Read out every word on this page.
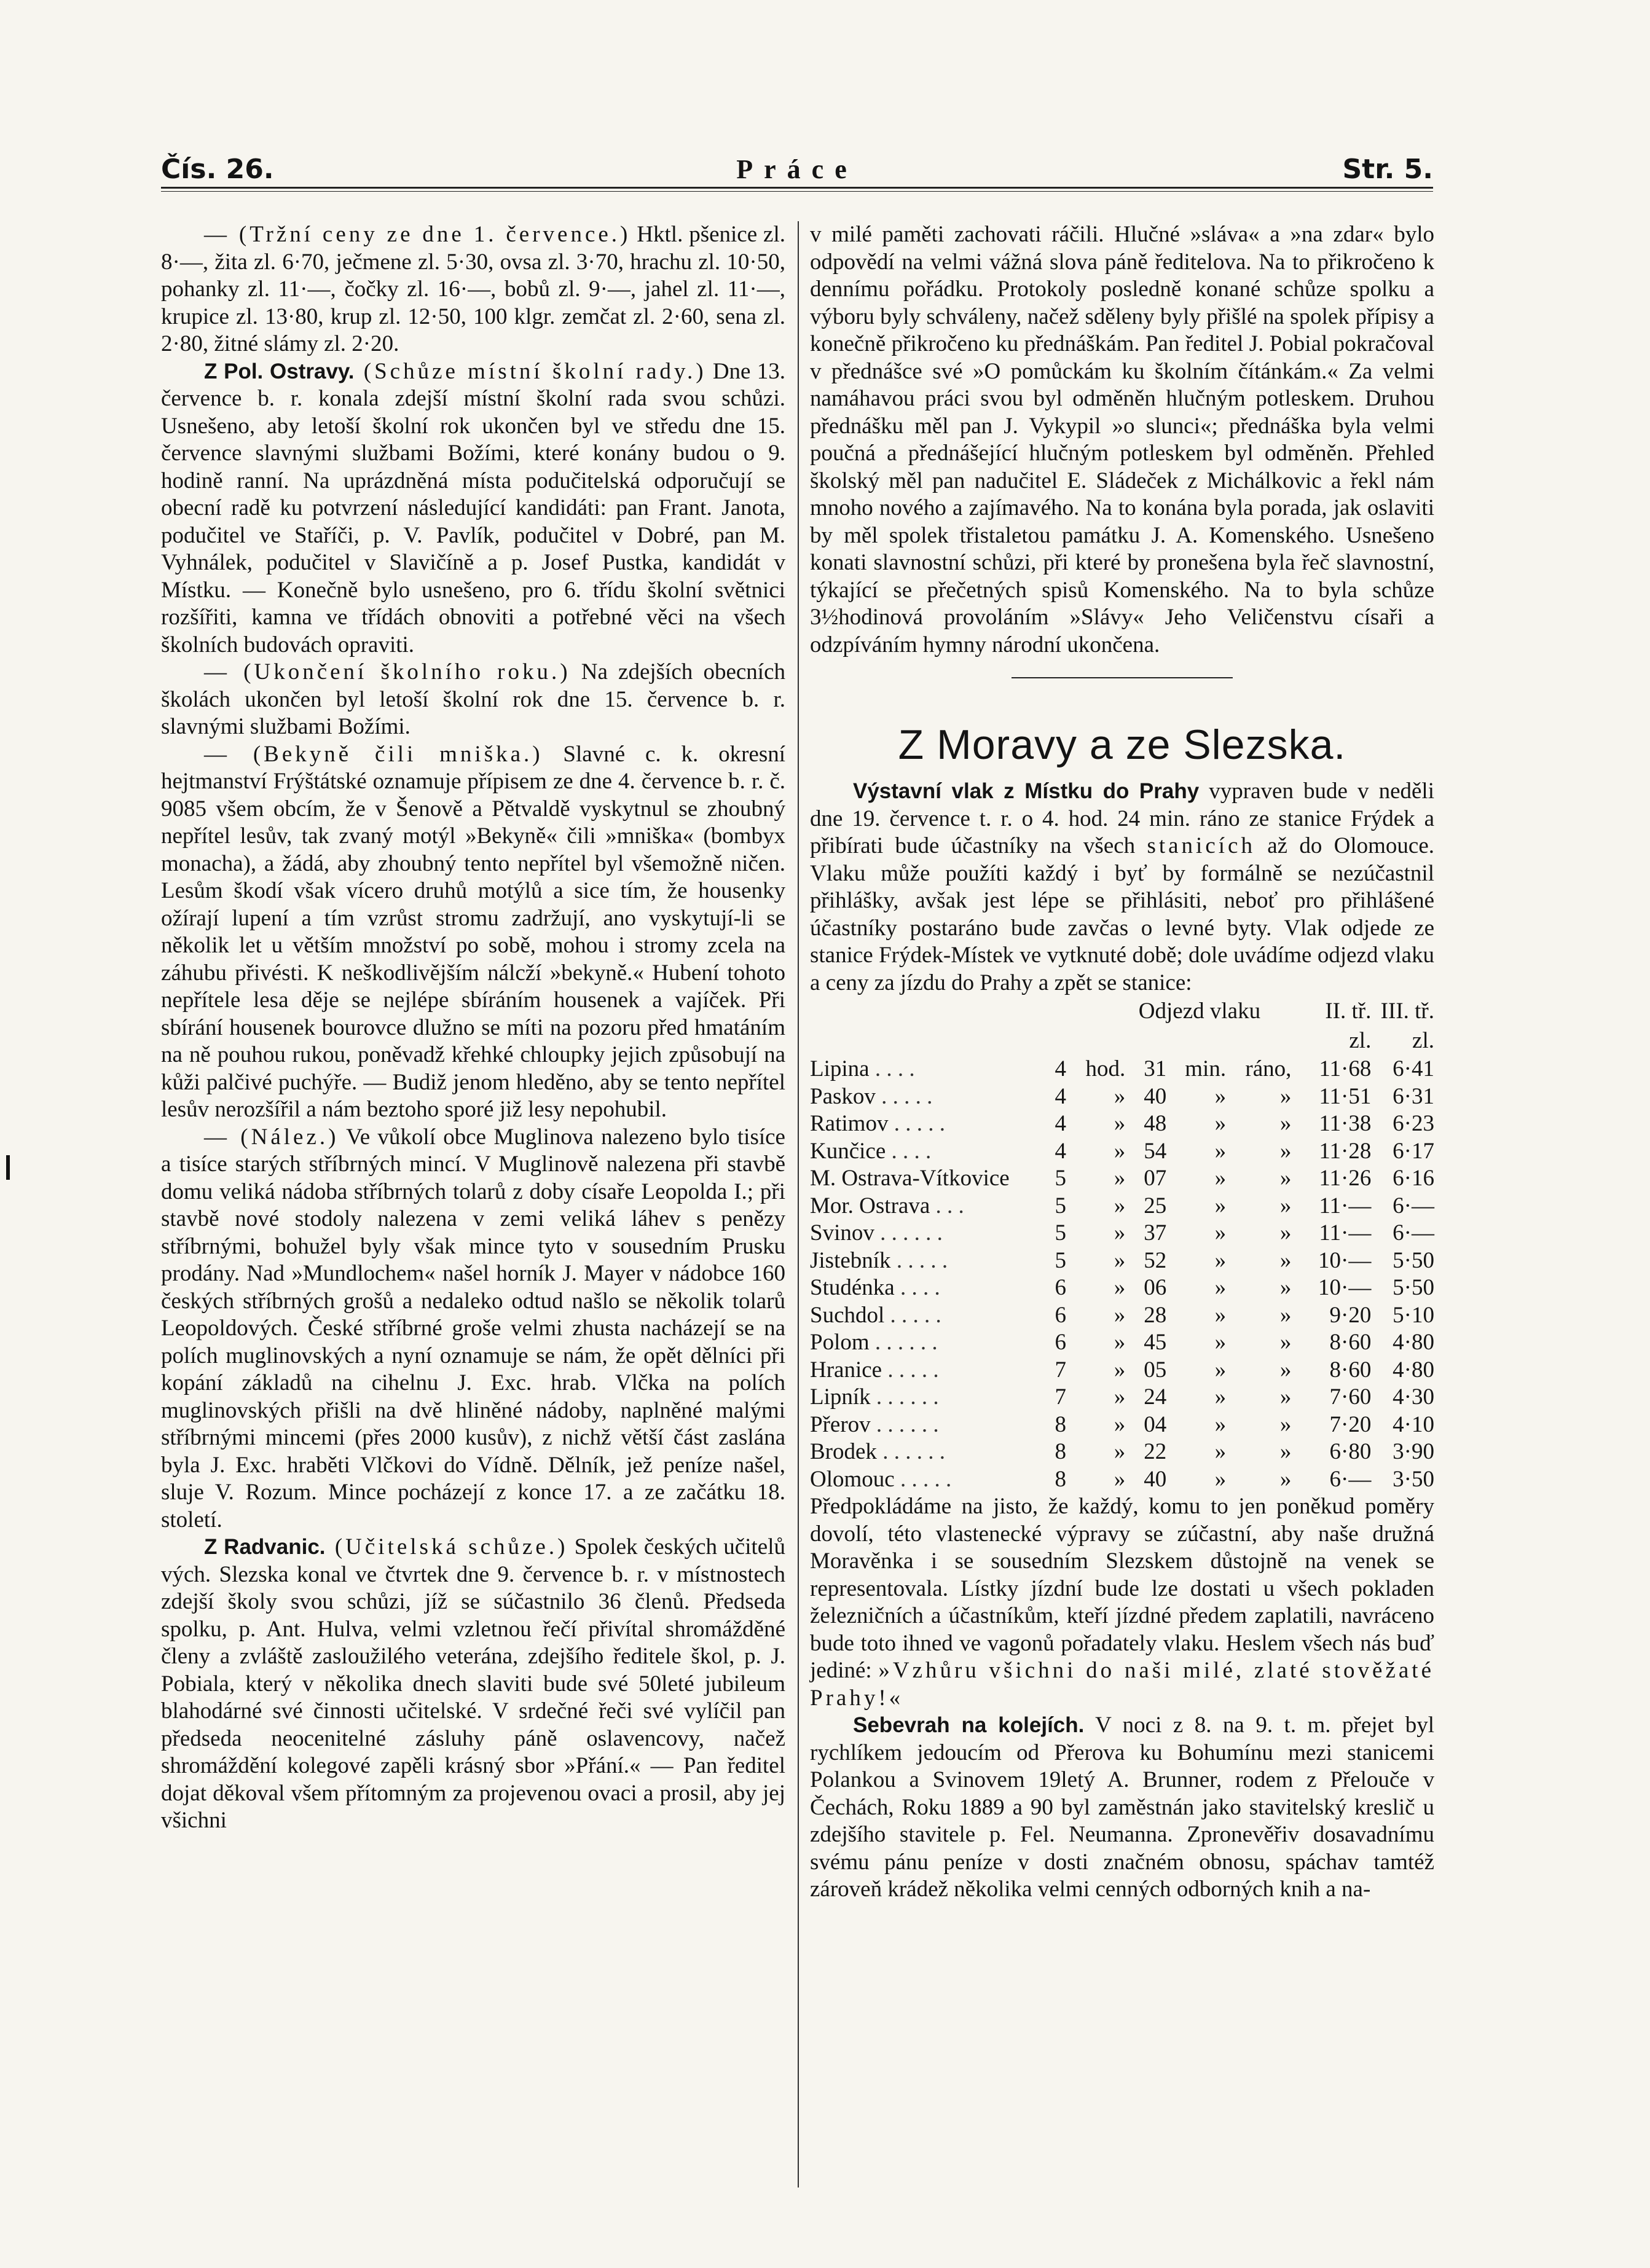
Čís. 26.	Práce	Str. 5.

— (Tržní ceny ze dne 1. července.) Hktl. pšenice zl. 8·—, žita zl. 6·70, ječmene zl. 5·30, ovsa zl. 3·70, hrachu zl. 10·50, pohanky zl. 11·—, čočky zl. 16·—, bobů zl. 9·—, jahel zl. 11·—, krupice zl. 13·80, krup zl. 12·50, 100 klgr. zemčat zl. 2·60, sena zl. 2·80, žitné slámy zl. 2·20.

Z Pol. Ostravy. (Schůze místní školní rady.) Dne 13. července b. r. konala zdejší místní školní rada svou schůzi. Usnešeno, aby letoší školní rok ukončen byl ve středu dne 15. července slavnými službami Božími, které konány budou o 9. hodině ranní. Na uprázdněná místa podučitelská odporučují se obecní radě ku potvrzení následující kandidáti: pan Frant. Janota, podučitel ve Staříči, p. V. Pavlík, podučitel v Dobré, pan M. Vyhnálek, podučitel v Slavičíně a p. Josef Pustka, kandidát v Místku. — Konečně bylo usnešeno, pro 6. třídu školní světnici rozšířiti, kamna ve třídách obnoviti a potřebné věci na všech školních budovách opraviti.

— (Ukončení školního roku.) Na zdejších obecních školách ukončen byl letoší školní rok dne 15. července b. r. slavnými službami Božími.

— (Bekyně čili mniška.) Slavné c. k. okresní hejtmanství Frýštátské oznamuje přípisem ze dne 4. července b. r. č. 9085 všem obcím, že v Šenově a Pětvaldě vyskytnul se zhoubný nepřítel lesův, tak zvaný motýl »Bekyně« čili »mniška« (bombyx monacha), a žádá, aby zhoubný tento nepřítel byl všemožně ničen. Lesům škodí však vícero druhů motýlů a sice tím, že housenky ožírají lupení a tím vzrůst stromu zadržují, ano vyskytují-li se několik let u větším množství po sobě, mohou i stromy zcela na záhubu přivésti. K neškodlivějším nálcží »bekyně.« Hubení tohoto nepřítele lesa děje se nejlépe sbíráním housenek a vajíček. Při sbírání housenek bourovce dlužno se míti na pozoru před hmatáním na ně pouhou rukou, poněvadž křehké chloupky jejich způsobují na kůži palčivé puchýře. — Budiž jenom hleděno, aby se tento nepřítel lesův nerozšířil a nám beztoho sporé již lesy nepohubil.

— (Nález.) Ve vůkolí obce Muglinova nalezeno bylo tisíce a tisíce starých stříbrných mincí. V Muglinově nalezena při stavbě domu veliká nádoba stříbrných tolarů z doby císaře Leopolda I.; při stavbě nové stodoly nalezena v zemi veliká láhev s penězy stříbrnými, bohužel byly však mince tyto v sousedním Prusku prodány. Nad »Mundlochem« našel horník J. Mayer v nádobce 160 českých stříbrných grošů a nedaleko odtud našlo se několik tolarů Leopoldových. České stříbrné groše velmi zhusta nacházejí se na polích muglinovských a nyní oznamuje se nám, že opět dělníci při kopání základů na cihelnu J. Exc. hrab. Vlčka na polích muglinovských přišli na dvě hliněné nádoby, naplněné malými stříbrnými mincemi (přes 2000 kusův), z nichž větší část zaslána byla J. Exc. hraběti Vlčkovi do Vídně. Dělník, jež peníze našel, sluje V. Rozum. Mince pocházejí z konce 17. a ze začátku 18. století.

Z Radvanic. (Učitelská schůze.) Spolek českých učitelů vých. Slezska konal ve čtvrtek dne 9. července b. r. v místnostech zdejší školy svou schůzi, jíž se súčastnilo 36 členů. Předseda spolku, p. Ant. Hulva, velmi vzletnou řečí přivítal shromážděné členy a zvláště zasloužilého veterána, zdejšího ředitele škol, p. J. Pobiala, který v několika dnech slaviti bude své 50leté jubileum blahodárné své činnosti učitelské. V srdečné řeči své vylíčil pan předseda neocenitelné zásluhy páně oslavencovy, načež shromáždění kolegové zapěli krásný sbor »Přání.« — Pan ředitel dojat děkoval všem přítomným za projevenou ovaci a prosil, aby jej všichni

v milé paměti zachovati ráčili. Hlučné »sláva« a »na zdar« bylo odpovědí na velmi vážná slova páně ředitelova. Na to přikročeno k dennímu pořádku. Protokoly posledně konané schůze spolku a výboru byly schváleny, načež sděleny byly přišlé na spolek přípisy a konečně přikročeno ku přednáškám. Pan ředitel J. Pobial pokračoval v přednášce své »O pomůckám ku školním čítánkám.« Za velmi namáhavou práci svou byl odměněn hlučným potleskem. Druhou přednášku měl pan J. Vykypil »o slunci«; přednáška byla velmi poučná a přednášející hlučným potleskem byl odměněn. Přehled školský měl pan nadučitel E. Sládeček z Michálkovic a řekl nám mnoho nového a zajímavého. Na to konána byla porada, jak oslaviti by měl spolek třistaletou památku J. A. Komenského. Usnešeno konati slavnostní schůzi, při které by pronešena byla řeč slavnostní, týkající se přečetných spisů Komenského. Na to byla schůze 3½hodinová provoláním »Slávy« Jeho Veličenstvu císaři a odzpíváním hymny národní ukončena.

Z Moravy a ze Slezska.

Výstavní vlak z Místku do Prahy vypraven bude v neděli dne 19. července t. r. o 4. hod. 24 min. ráno ze stanice Frýdek a přibírati bude účastníky na všech stanicích až do Olomouce. Vlaku může použíti každý i byť by formálně se nezúčastnil přihlášky, avšak jest lépe se přihlásiti, neboť pro přihlášené účastníky postaráno bude zavčas o levné byty. Vlak odjede ze stanice Frýdek-Místek ve vytknuté době; dole uvádíme odjezd vlaku a ceny za jízdu do Prahy a zpět se stanice:

	Odjezd vlaku						II. tř.	III. tř.
							zl.	zl.
Lipina . . . .	4	hod.	31	min.	ráno,		11·68	6·41
Paskov . . . . .	4	»	40	»	»		11·51	6·31
Ratimov . . . . .	4	»	48	»	»		11·38	6·23
Kunčice . . . .	4	»	54	»	»		11·28	6·17
M. Ostrava-Vítkovice	5	»	07	»	»		11·26	6·16
Mor. Ostrava . . .	5	»	25	»	»		11·—	6·—
Svinov . . . . . .	5	»	37	»	»		11·—	6·—
Jistebník . . . . .	5	»	52	»	»		10·—	5·50
Studénka . . . .	6	»	06	»	»		10·—	5·50
Suchdol . . . . .	6	»	28	»	»		9·20	5·10
Polom . . . . . .	6	»	45	»	»		8·60	4·80
Hranice . . . . .	7	»	05	»	»		8·60	4·80
Lipník . . . . . .	7	»	24	»	»		7·60	4·30
Přerov . . . . . .	8	»	04	»	»		7·20	4·10
Brodek . . . . . .	8	»	22	»	»		6·80	3·90
Olomouc . . . . .	8	»	40	»	»		6·—	3·50

Předpokládáme na jisto, že každý, komu to jen poněkud poměry dovolí, této vlastenecké výpravy se zúčastní, aby naše družná Moravěnka i se sousedním Slezskem důstojně na venek se representovala. Lístky jízdní bude lze dostati u všech pokladen železničních a účastníkům, kteří jízdné předem zaplatili, navráceno bude toto ihned ve vagonů pořadately vlaku. Heslem všech nás buď jediné: »Vzhůru všichni do naši milé, zlaté stověžaté Prahy!«

Sebevrah na kolejích. V noci z 8. na 9. t. m. přejet byl rychlíkem jedoucím od Přerova ku Bohumínu mezi stanicemi Polankou a Svinovem 19letý A. Brunner, rodem z Přelouče v Čechách, Roku 1889 a 90 byl zaměstnán jako stavitelský kreslič u zdejšího stavitele p. Fel. Neumanna. Zpronevěřiv dosavadnímu svému pánu peníze v dosti značném obnosu, spáchav tamtéž zároveň krádež několika velmi cenných odborných knih a na-
